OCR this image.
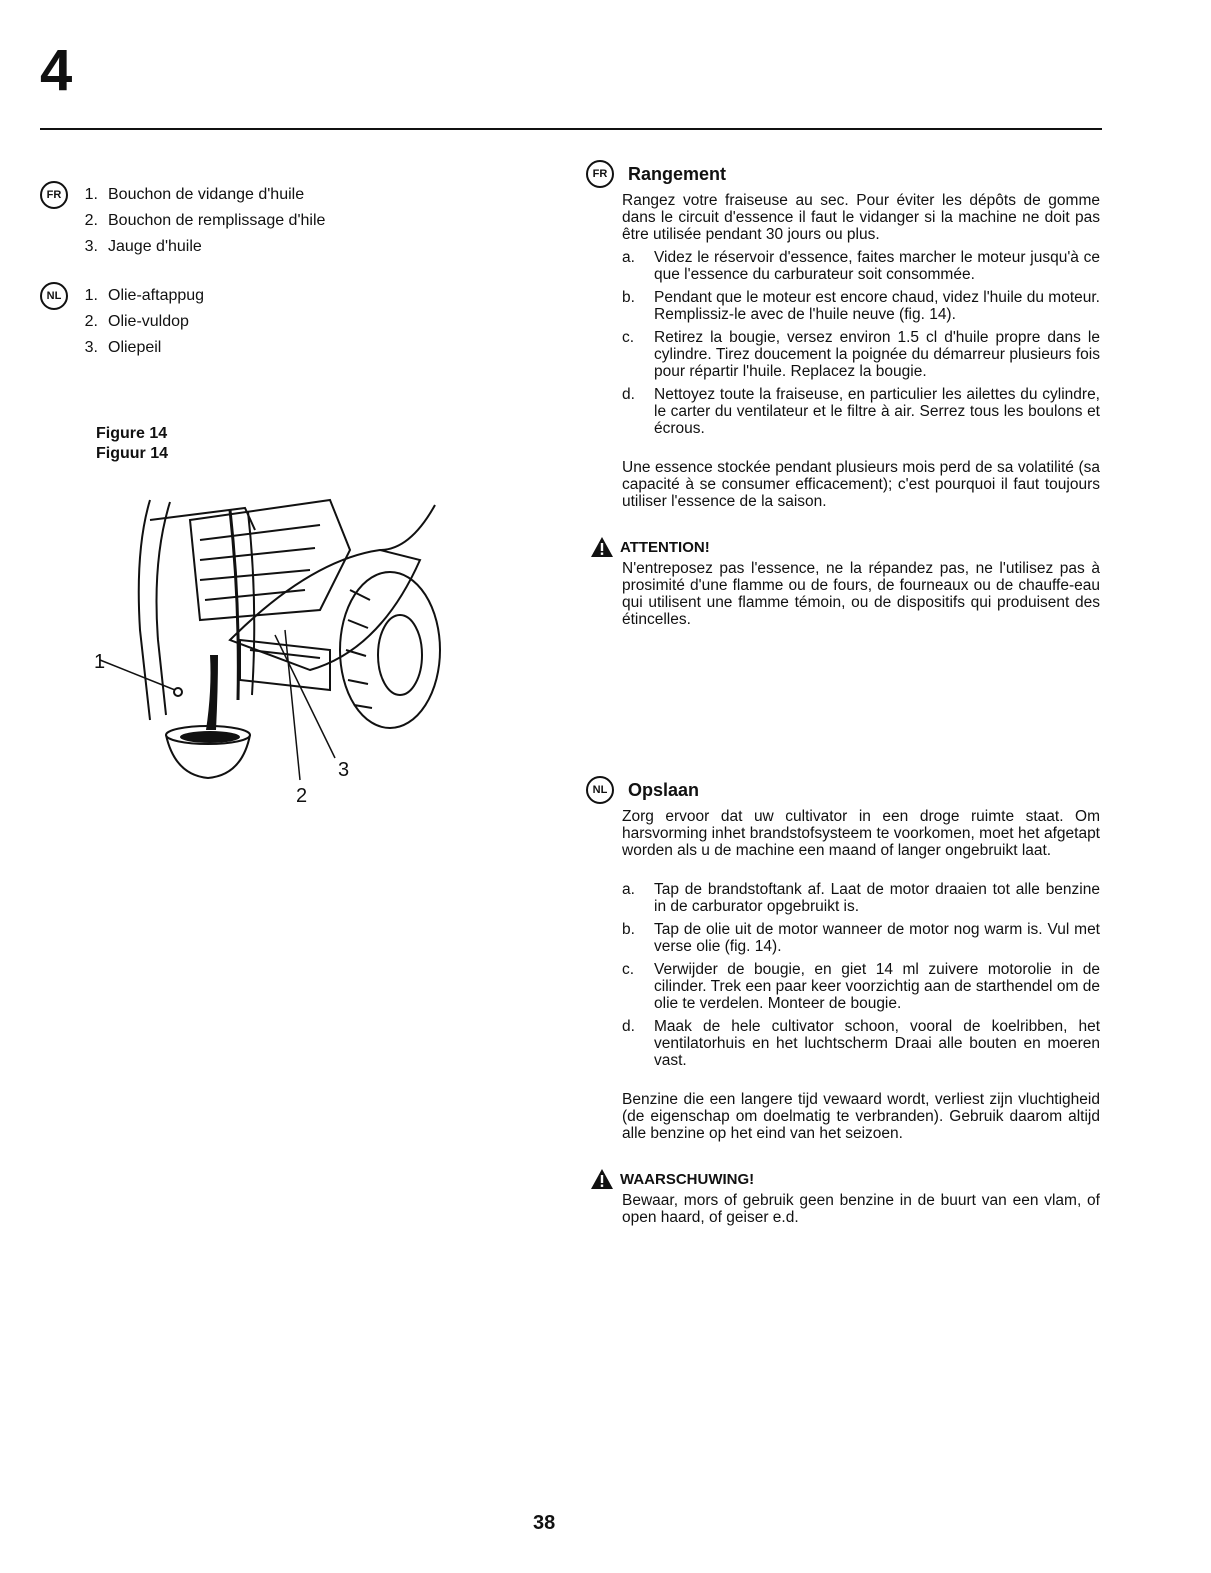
4
FR	1. Bouchon de vidange d'huile
2. Bouchon de remplissage d'hile
3. Jauge d'huile
NL	1. Olie-aftappug
2. Olie-vuldop
3. Oliepeil
Figure 14
Figuur 14
1
2
3
FR	Rangement

Rangez votre fraiseuse au sec. Pour éviter les dépôts de gomme dans le circuit d'essence il faut le vidanger si la machine ne doit pas être utilisée pendant 30 jours ou plus.

a. Videz le réservoir d'essence, faites marcher le moteur jusqu'à ce que l'essence du carburateur soit consommée.
b. Pendant que le moteur est encore chaud, videz l'huile du moteur. Remplissiz-le avec de l'huile neuve (fig. 14).
c. Retirez la bougie, versez environ 1.5 cl d'huile propre dans le cylindre. Tirez doucement la poignée du démarreur plusieurs fois pour répartir l'huile. Replacez la bougie.
d. Nettoyez toute la fraiseuse, en particulier les ailettes du cylindre, le carter du ventilateur et le filtre à air. Serrez tous les boulons et écrous.

Une essence stockée pendant plusieurs mois perd de sa volatilité (sa capacité à se consumer efficacement); c'est pourquoi il faut toujours utiliser l'essence de la saison.

ATTENTION!

N'entreposez pas l'essence, ne la répandez pas, ne l'utilisez pas à prosimité d'une flamme ou de fours, de fourneaux ou de chauffe-eau qui utilisent une flamme témoin, ou de dispositifs qui produisent des étincelles.

NL	Opslaan

Zorg ervoor dat uw cultivator in een droge ruimte staat. Om harsvorming inhet brandstofsysteem te voorkomen, moet het afgetapt worden als u de machine een maand of langer ongebruikt laat.

a. Tap de brandstoftank af. Laat de motor draaien tot alle benzine in de carburator opgebruikt is.
b. Tap de olie uit de motor wanneer de motor nog warm is. Vul met verse olie (fig. 14).
c. Verwijder de bougie, en giet 14 ml zuivere motorolie in de cilinder. Trek een paar keer voorzichtig aan de starthendel om de olie te verdelen. Monteer de bougie.
d. Maak de hele cultivator schoon, vooral de koelribben, het ventilatorhuis en het luchtscherm Draai alle bouten en moeren vast.

Benzine die een langere tijd vewaard wordt, verliest zijn vluchtigheid (de eigenschap om doelmatig te verbranden). Gebruik daarom altijd alle benzine op het eind van het seizoen.

WAARSCHUWING!

Bewaar, mors of gebruik geen benzine in de buurt van een vlam, of open haard, of geiser e.d.

38
